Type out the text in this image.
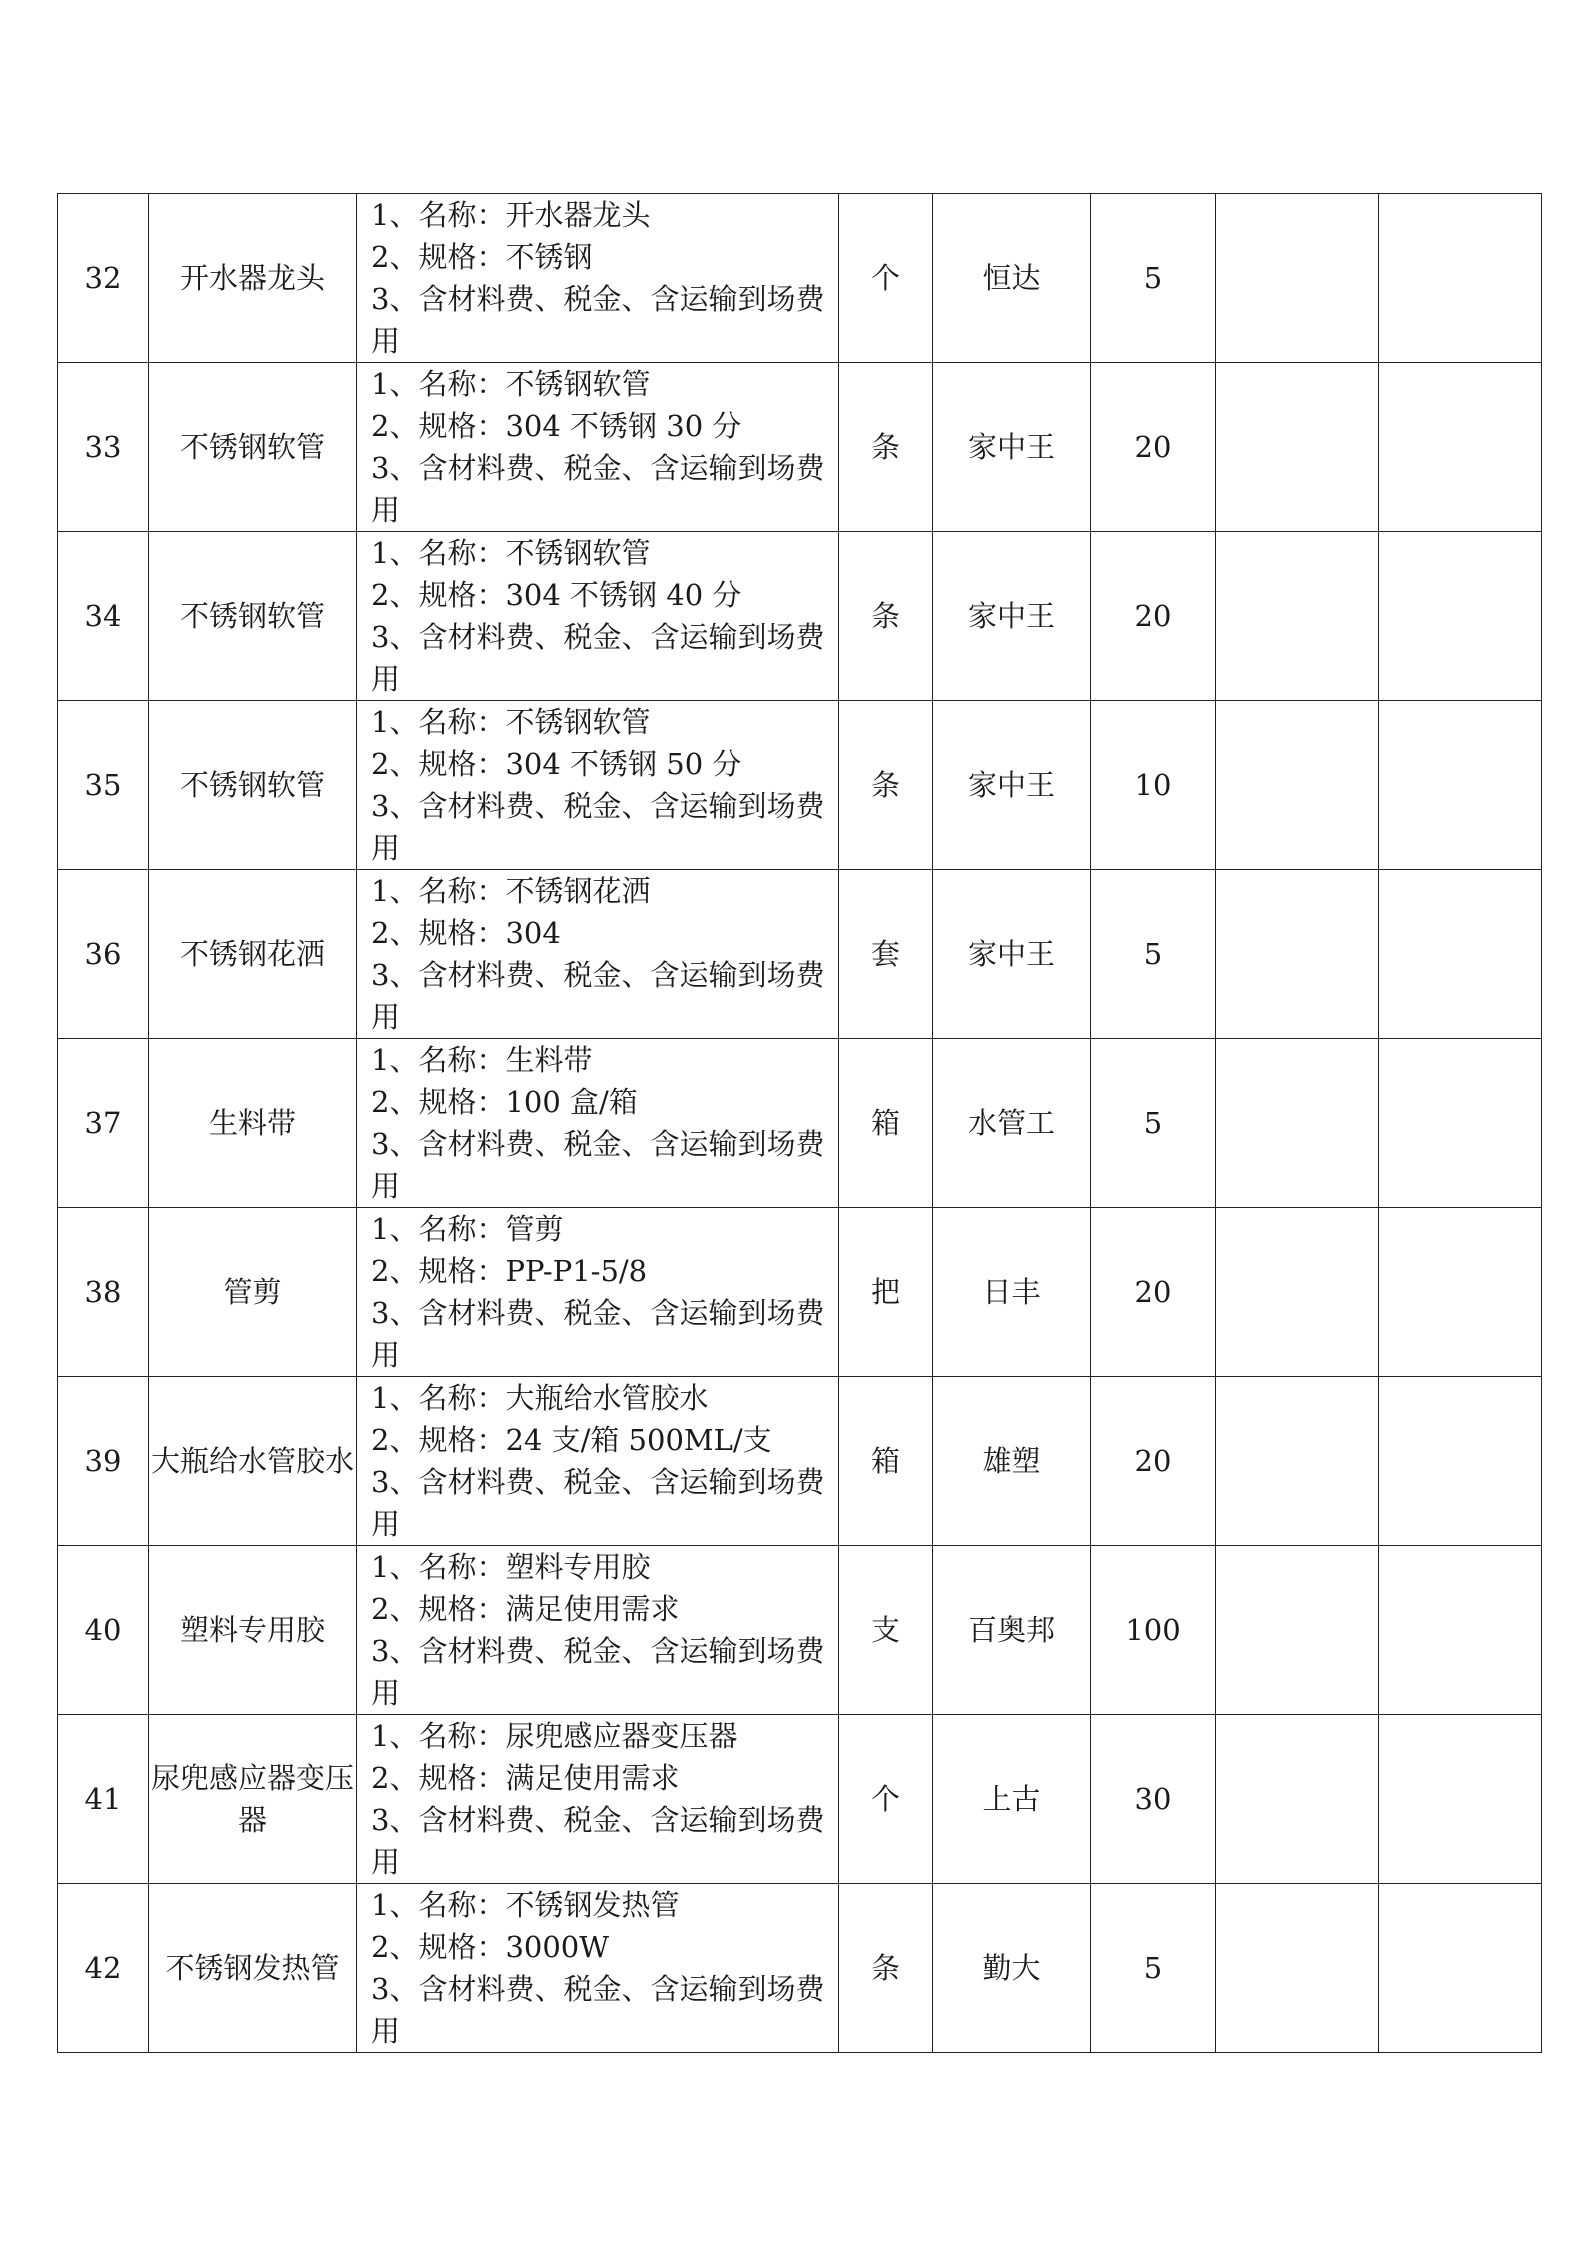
32	开水器龙头	1、名称：开水器龙头
2、规格：不锈钢
3、含材料费、税金、含运输到场费用	个	恒达	5		
33	不锈钢软管	1、名称：不锈钢软管
2、规格：304 不锈钢 30 分
3、含材料费、税金、含运输到场费用	条	家中王	20		
34	不锈钢软管	1、名称：不锈钢软管
2、规格：304 不锈钢 40 分
3、含材料费、税金、含运输到场费用	条	家中王	20		
35	不锈钢软管	1、名称：不锈钢软管
2、规格：304 不锈钢 50 分
3、含材料费、税金、含运输到场费用	条	家中王	10		
36	不锈钢花洒	1、名称：不锈钢花洒
2、规格：304
3、含材料费、税金、含运输到场费用	套	家中王	5		
37	生料带	1、名称：生料带
2、规格：100 盒/箱
3、含材料费、税金、含运输到场费用	箱	水管工	5		
38	管剪	1、名称：管剪
2、规格：PP-P1-5/8
3、含材料费、税金、含运输到场费用	把	日丰	20		
39	大瓶给水管胶水	1、名称：大瓶给水管胶水
2、规格：24 支/箱 500ML/支
3、含材料费、税金、含运输到场费用	箱	雄塑	20		
40	塑料专用胶	1、名称：塑料专用胶
2、规格：满足使用需求
3、含材料费、税金、含运输到场费用	支	百奥邦	100		
41	尿兜感应器变压器	1、名称：尿兜感应器变压器
2、规格：满足使用需求
3、含材料费、税金、含运输到场费用	个	上古	30		
42	不锈钢发热管	1、名称：不锈钢发热管
2、规格：3000W
3、含材料费、税金、含运输到场费用	条	勤大	5		
